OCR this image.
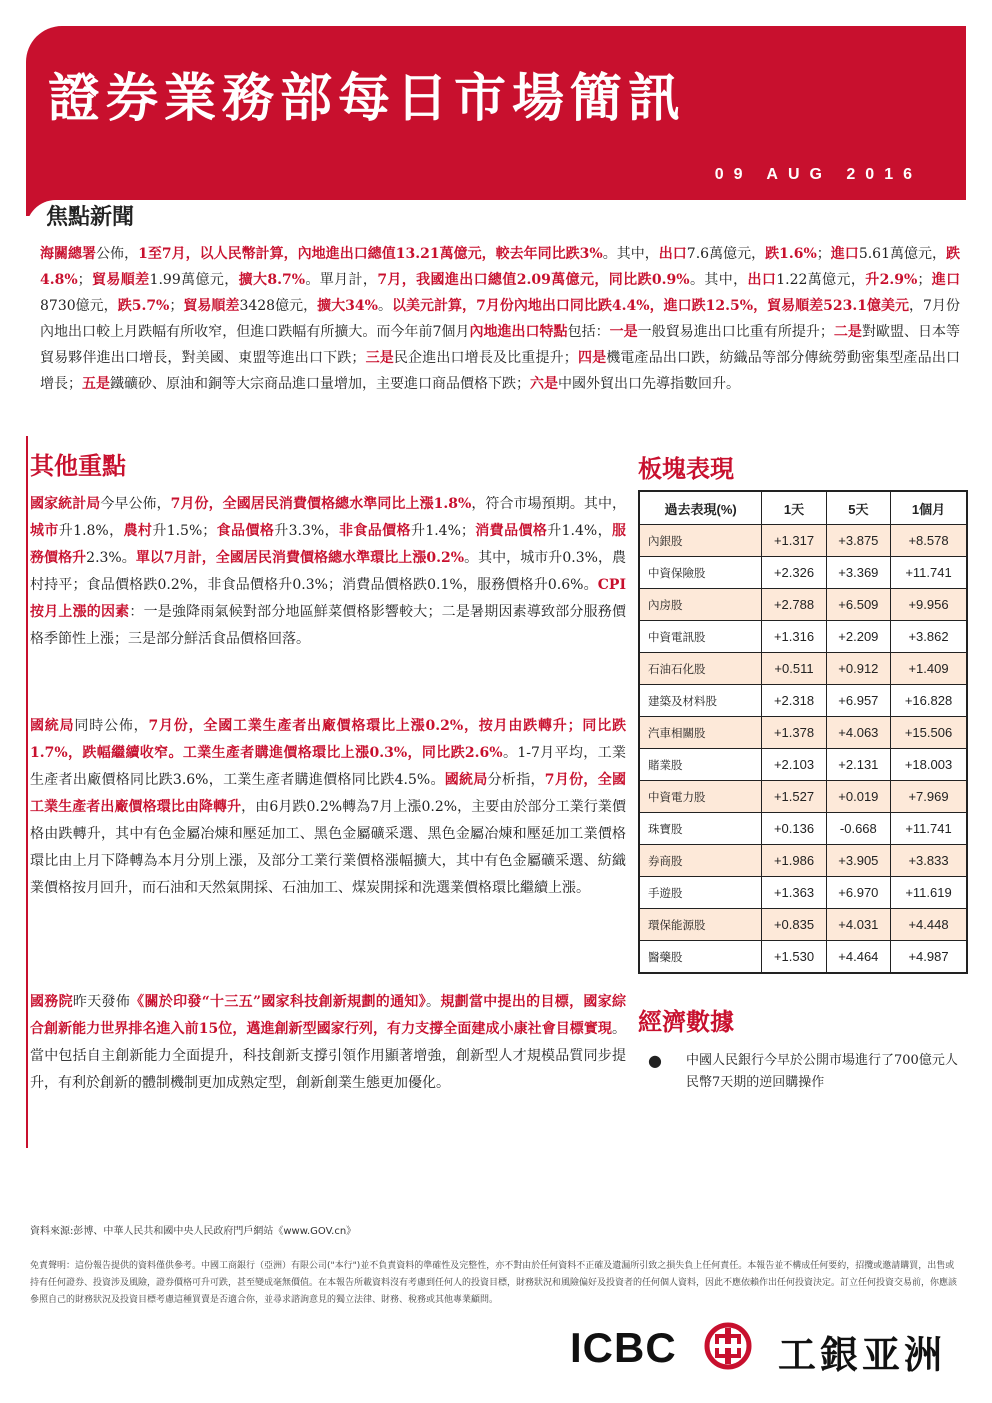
證券業務部每日市場簡訊
09 AUG 2016
焦點新聞

海關總署公佈，1至7月，以人民幣計算，內地進出口總值13.21萬億元，較去年同比跌3%。其中，出口7.6萬億元，跌1.6%；進口5.61萬億元，跌4.8%；貿易順差1.99萬億元，擴大8.7%。單月計，7月，我國進出口總值2.09萬億元，同比跌0.9%。其中，出口1.22萬億元，升2.9%；進口8730億元，跌5.7%；貿易順差3428億元，擴大34%。以美元計算，7月份內地出口同比跌4.4%，進口跌12.5%，貿易順差523.1億美元，7月份內地出口較上月跌幅有所收窄，但進口跌幅有所擴大。而今年前7個月內地進出口特點包括：一是一般貿易進出口比重有所提升；二是對歐盟、日本等貿易夥伴進出口增長，對美國、東盟等進出口下跌；三是民企進出口增長及比重提升；四是機電產品出口跌，紡織品等部分傳統勞動密集型產品出口增長；五是鐵礦砂、原油和銅等大宗商品進口量增加，主要進口商品價格下跌；六是中國外貿出口先導指數回升。

其他重點

國家統計局今早公佈，7月份，全國居民消費價格總水準同比上漲1.8%，符合市場預期。其中，城市升1.8%，農村升1.5%；食品價格升3.3%，非食品價格升1.4%；消費品價格升1.4%，服務價格升2.3%。單以7月計，全國居民消費價格總水準環比上漲0.2%。其中，城市升0.3%，農村持平；食品價格跌0.2%，非食品價格升0.3%；消費品價格跌0.1%，服務價格升0.6%。CPI按月上漲的因素：一是強降雨氣候對部分地區鮮菜價格影響較大；二是暑期因素導致部分服務價格季節性上漲；三是部分鮮活食品價格回落。

國統局同時公佈，7月份，全國工業生產者出廠價格環比上漲0.2%，按月由跌轉升；同比跌1.7%，跌幅繼續收窄。工業生產者購進價格環比上漲0.3%，同比跌2.6%。1-7月平均，工業生產者出廠價格同比跌3.6%，工業生產者購進價格同比跌4.5%。國統局分析指，7月份，全國工業生產者出廠價格環比由降轉升，由6月跌0.2%轉為7月上漲0.2%，主要由於部分工業行業價格由跌轉升，其中有色金屬冶煉和壓延加工、黑色金屬礦采選、黑色金屬冶煉和壓延加工業價格環比由上月下降轉為本月分別上漲，及部分工業行業價格漲幅擴大，其中有色金屬礦采選、紡織業價格按月回升，而石油和天然氣開採、石油加工、煤炭開採和洗選業價格環比繼續上漲。

國務院昨天發佈《關於印發“十三五”國家科技創新規劃的通知》。規劃當中提出的目標，國家綜合創新能力世界排名進入前15位，邁進創新型國家行列，有力支撐全面建成小康社會目標實現。當中包括自主創新能力全面提升，科技創新支撐引領作用顯著增強，創新型人才規模品質同步提升，有利於創新的體制機制更加成熟定型，創新創業生態更加優化。

板塊表現
過去表現(%)	1天	5天	1個月
內銀股	+1.317	+3.875	+8.578
中資保險股	+2.326	+3.369	+11.741
內房股	+2.788	+6.509	+9.956
中資電訊股	+1.316	+2.209	+3.862
石油石化股	+0.511	+0.912	+1.409
建築及材料股	+2.318	+6.957	+16.828
汽車相關股	+1.378	+4.063	+15.506
賭業股	+2.103	+2.131	+18.003
中資電力股	+1.527	+0.019	+7.969
珠寶股	+0.136	-0.668	+11.741
券商股	+1.986	+3.905	+3.833
手遊股	+1.363	+6.970	+11.619
環保能源股	+0.835	+4.031	+4.448
醫藥股	+1.530	+4.464	+4.987
經濟數據
● 中國人民銀行今早於公開市場進行了700億元人民幣7天期的逆回購操作
資料來源:彭博、中華人民共和國中央人民政府門戶網站《www.GOV.cn》
免責聲明：這份報告提供的資料僅供參考。中國工商銀行（亞洲）有限公司("本行")並不負責資料的準確性及完整性，亦不對由於任何資料不正確及遺漏所引致之損失負上任何責任。本報告並不構成任何要約，招攬或邀請購買，出售或持有任何證券、投資涉及風險，證券價格可升可跌，甚至變成毫無價值。在本報告所載資料沒有考慮到任何人的投資目標，財務狀況和風險偏好及投資者的任何個人資料，因此不應依賴作出任何投資決定。訂立任何投資交易前，你應該參照自己的財務狀況及投資目標考慮這種買賣是否適合你，並尋求諮詢意見的獨立法律、財務、稅務或其他專業顧問。
ICBC	工銀亚洲
